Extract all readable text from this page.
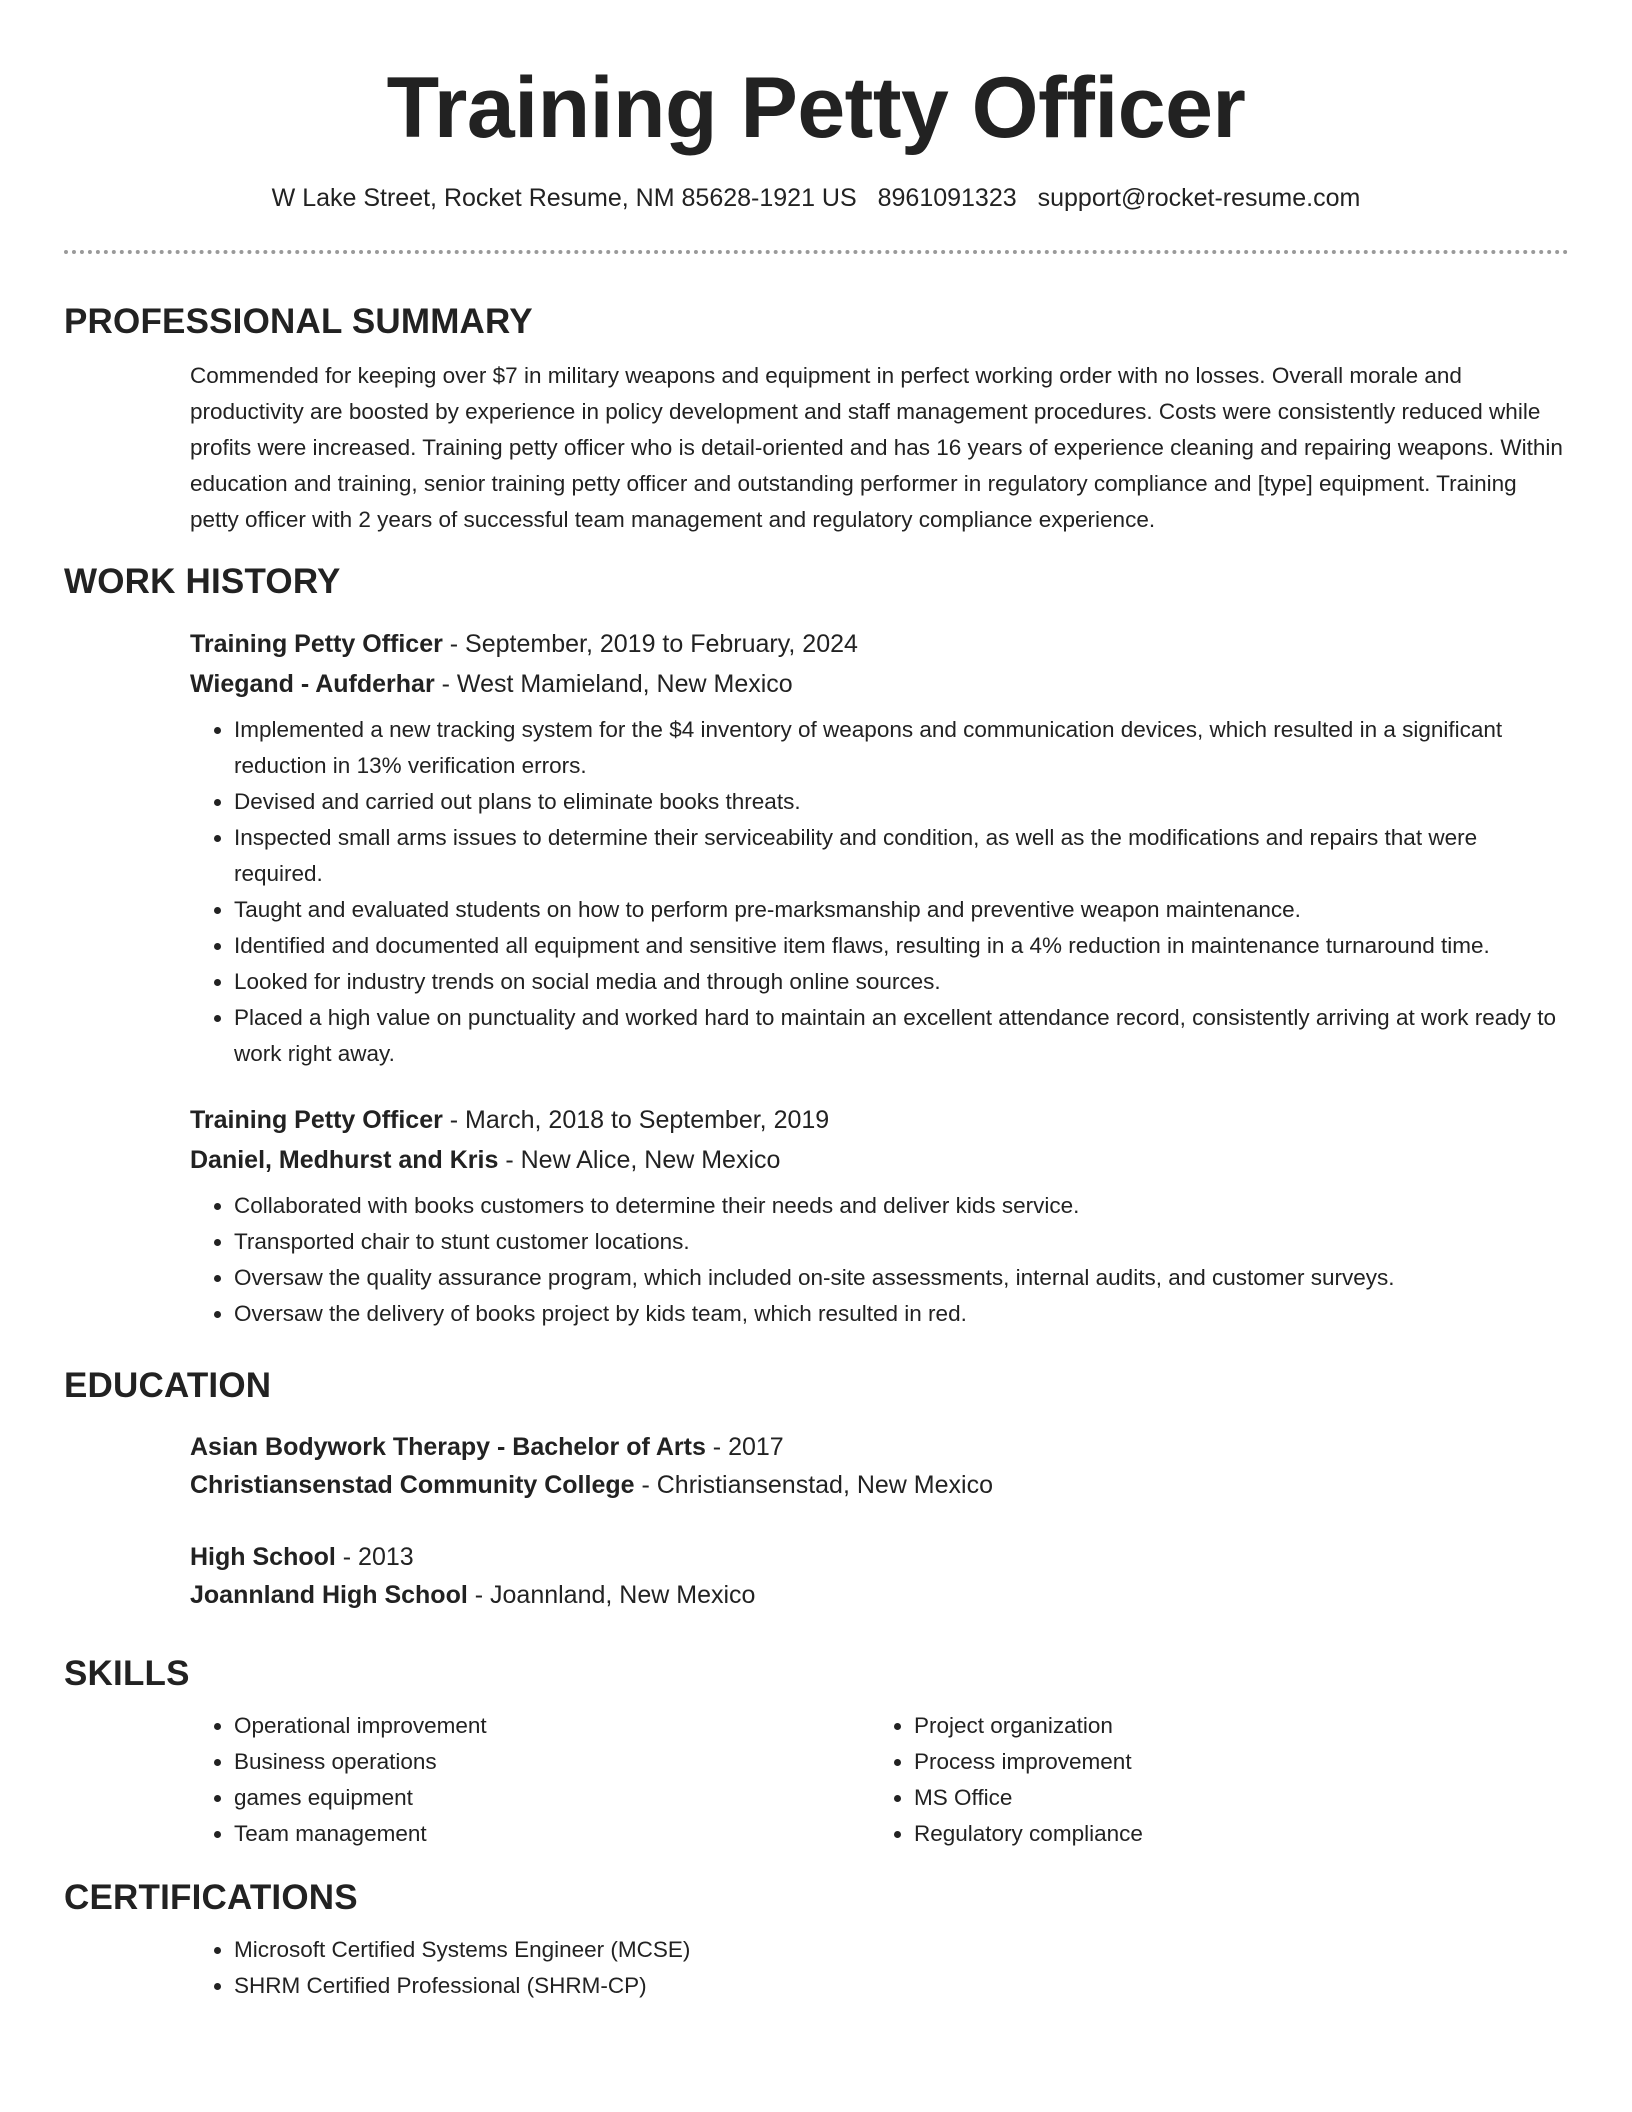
Training Petty Officer
W Lake Street, Rocket Resume, NM 85628-1921 US 8961091323 support@rocket-resume.com
PROFESSIONAL SUMMARY

Commended for keeping over $7 in military weapons and equipment in perfect working order with no losses. Overall morale and productivity are boosted by experience in policy development and staff management procedures. Costs were consistently reduced while profits were increased. Training petty officer who is detail-oriented and has 16 years of experience cleaning and repairing weapons. Within education and training, senior training petty officer and outstanding performer in regulatory compliance and [type] equipment. Training petty officer with 2 years of successful team management and regulatory compliance experience.

WORK HISTORY
Training Petty Officer - September, 2019 to February, 2024
Wiegand - Aufderhar - West Mamieland, New Mexico
• Implemented a new tracking system for the $4 inventory of weapons and communication devices, which resulted in a significant reduction in 13% verification errors.
• Devised and carried out plans to eliminate books threats.
• Inspected small arms issues to determine their serviceability and condition, as well as the modifications and repairs that were required.
• Taught and evaluated students on how to perform pre-marksmanship and preventive weapon maintenance.
• Identified and documented all equipment and sensitive item flaws, resulting in a 4% reduction in maintenance turnaround time.
• Looked for industry trends on social media and through online sources.
• Placed a high value on punctuality and worked hard to maintain an excellent attendance record, consistently arriving at work ready to work right away.
Training Petty Officer - March, 2018 to September, 2019
Daniel, Medhurst and Kris - New Alice, New Mexico
• Collaborated with books customers to determine their needs and deliver kids service.
• Transported chair to stunt customer locations.
• Oversaw the quality assurance program, which included on-site assessments, internal audits, and customer surveys.
• Oversaw the delivery of books project by kids team, which resulted in red.
EDUCATION
Asian Bodywork Therapy - Bachelor of Arts - 2017
Christiansenstad Community College - Christiansenstad, New Mexico
High School - 2013
Joannland High School - Joannland, New Mexico
SKILLS
• Operational improvement
• Business operations
• games equipment
• Team management
• Project organization
• Process improvement
• MS Office
• Regulatory compliance
CERTIFICATIONS
• Microsoft Certified Systems Engineer (MCSE)
• SHRM Certified Professional (SHRM-CP)
